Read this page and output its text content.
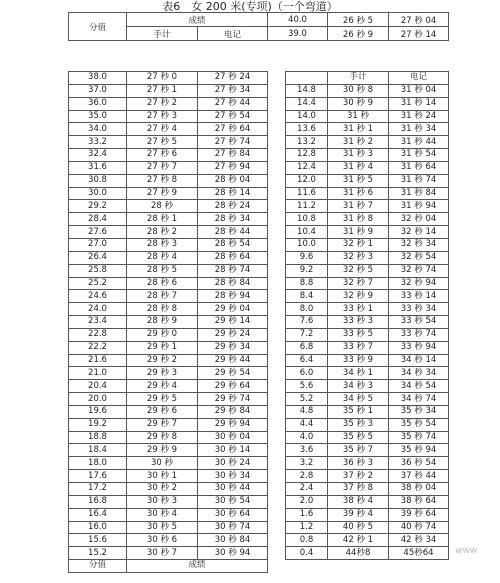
表6　女 200 米(专项)（一个弯道）
分值	成绩	
	手计	电记
40.0	26 秒 5	27 秒 04
39.0	26 秒 9	27 秒 14
38.0	27 秒 0	27 秒 24			手计	电记
37.0	27 秒 1	27 秒 34		14.8	30 秒 8	31 秒 04
36.0	27 秒 2	27 秒 44		14.4	30 秒 9	31 秒 14
35.0	27 秒 3	27 秒 54		14.0	31 秒	31 秒 24
34.0	27 秒 4	27 秒 64		13.6	31 秒 1	31 秒 34
33.2	27 秒 5	27 秒 74		13.2	31 秒 2	31 秒 44
32.4	27 秒 6	27 秒 84		12.8	31 秒 3	31 秒 54
31.6	27 秒 7	27 秒 94		12.4	31 秒 4	31 秒 64
30.8	27 秒 8	28 秒 04		12.0	31 秒 5	31 秒 74
30.0	27 秒 9	28 秒 14		11.6	31 秒 6	31 秒 84
29.2	28 秒	28 秒 24		11.2	31 秒 7	31 秒 94
28.4	28 秒 1	28 秒 34		10.8	31 秒 8	32 秒 04
27.6	28 秒 2	28 秒 44		10.4	31 秒 9	32 秒 14
27.0	28 秒 3	28 秒 54		10.0	32 秒 1	32 秒 34
26.4	28 秒 4	28 秒 64		9.6	32 秒 3	32 秒 54
25.8	28 秒 5	28 秒 74		9.2	32 秒 5	32 秒 74
25.2	28 秒 6	28 秒 84		8.8	32 秒 7	32 秒 94
24.6	28 秒 7	28 秒 94		8.4	32 秒 9	33 秒 14
24.0	28 秒 8	29 秒 04		8.0	33 秒 1	33 秒 34
23.4	28 秒 9	29 秒 14		7.6	33 秒 3	33 秒 54
22.8	29 秒 0	29 秒 24		7.2	33 秒 5	33 秒 74
22.2	29 秒 1	29 秒 34		6.8	33 秒 7	33 秒 94
21.6	29 秒 2	29 秒 44		6.4	33 秒 9	34 秒 14
21.0	29 秒 3	29 秒 54		6.0	34 秒 1	34 秒 34
20.4	29 秒 4	29 秒 64		5.6	34 秒 3	34 秒 54
20.0	29 秒 5	29 秒 74		5.2	34 秒 5	34 秒 74
19.6	29 秒 6	29 秒 84		4.8	35 秒 1	35 秒 34
19.2	29 秒 7	29 秒 94		4.4	35 秒 3	35 秒 54
18.8	29 秒 8	30 秒 04		4.0	35 秒 5	35 秒 74
18.4	29 秒 9	30 秒 14		3.6	35 秒 7	35 秒 94
18.0	30 秒	30 秒 24		3.2	36 秒 3	36 秒 54
17.6	30 秒 1	30 秒 34		2.8	37 秒 2	37 秒 44
17.2	30 秒 2	30 秒 44		2.4	37 秒 8	38 秒 04
16.8	30 秒 3	30 秒 54		2.0	38 秒 4	38 秒 64
16.4	30 秒 4	30 秒 64		1.6	39 秒 4	39 秒 64
16.0	30 秒 5	30 秒 74		1.2	40 秒 5	40 秒 74
15.6	30 秒 6	30 秒 84		0.8	42 秒 1	42 秒 34
15.2	30 秒 7	30 秒 94		0.4	44秒8	45秒64
分值	成绩					
www
